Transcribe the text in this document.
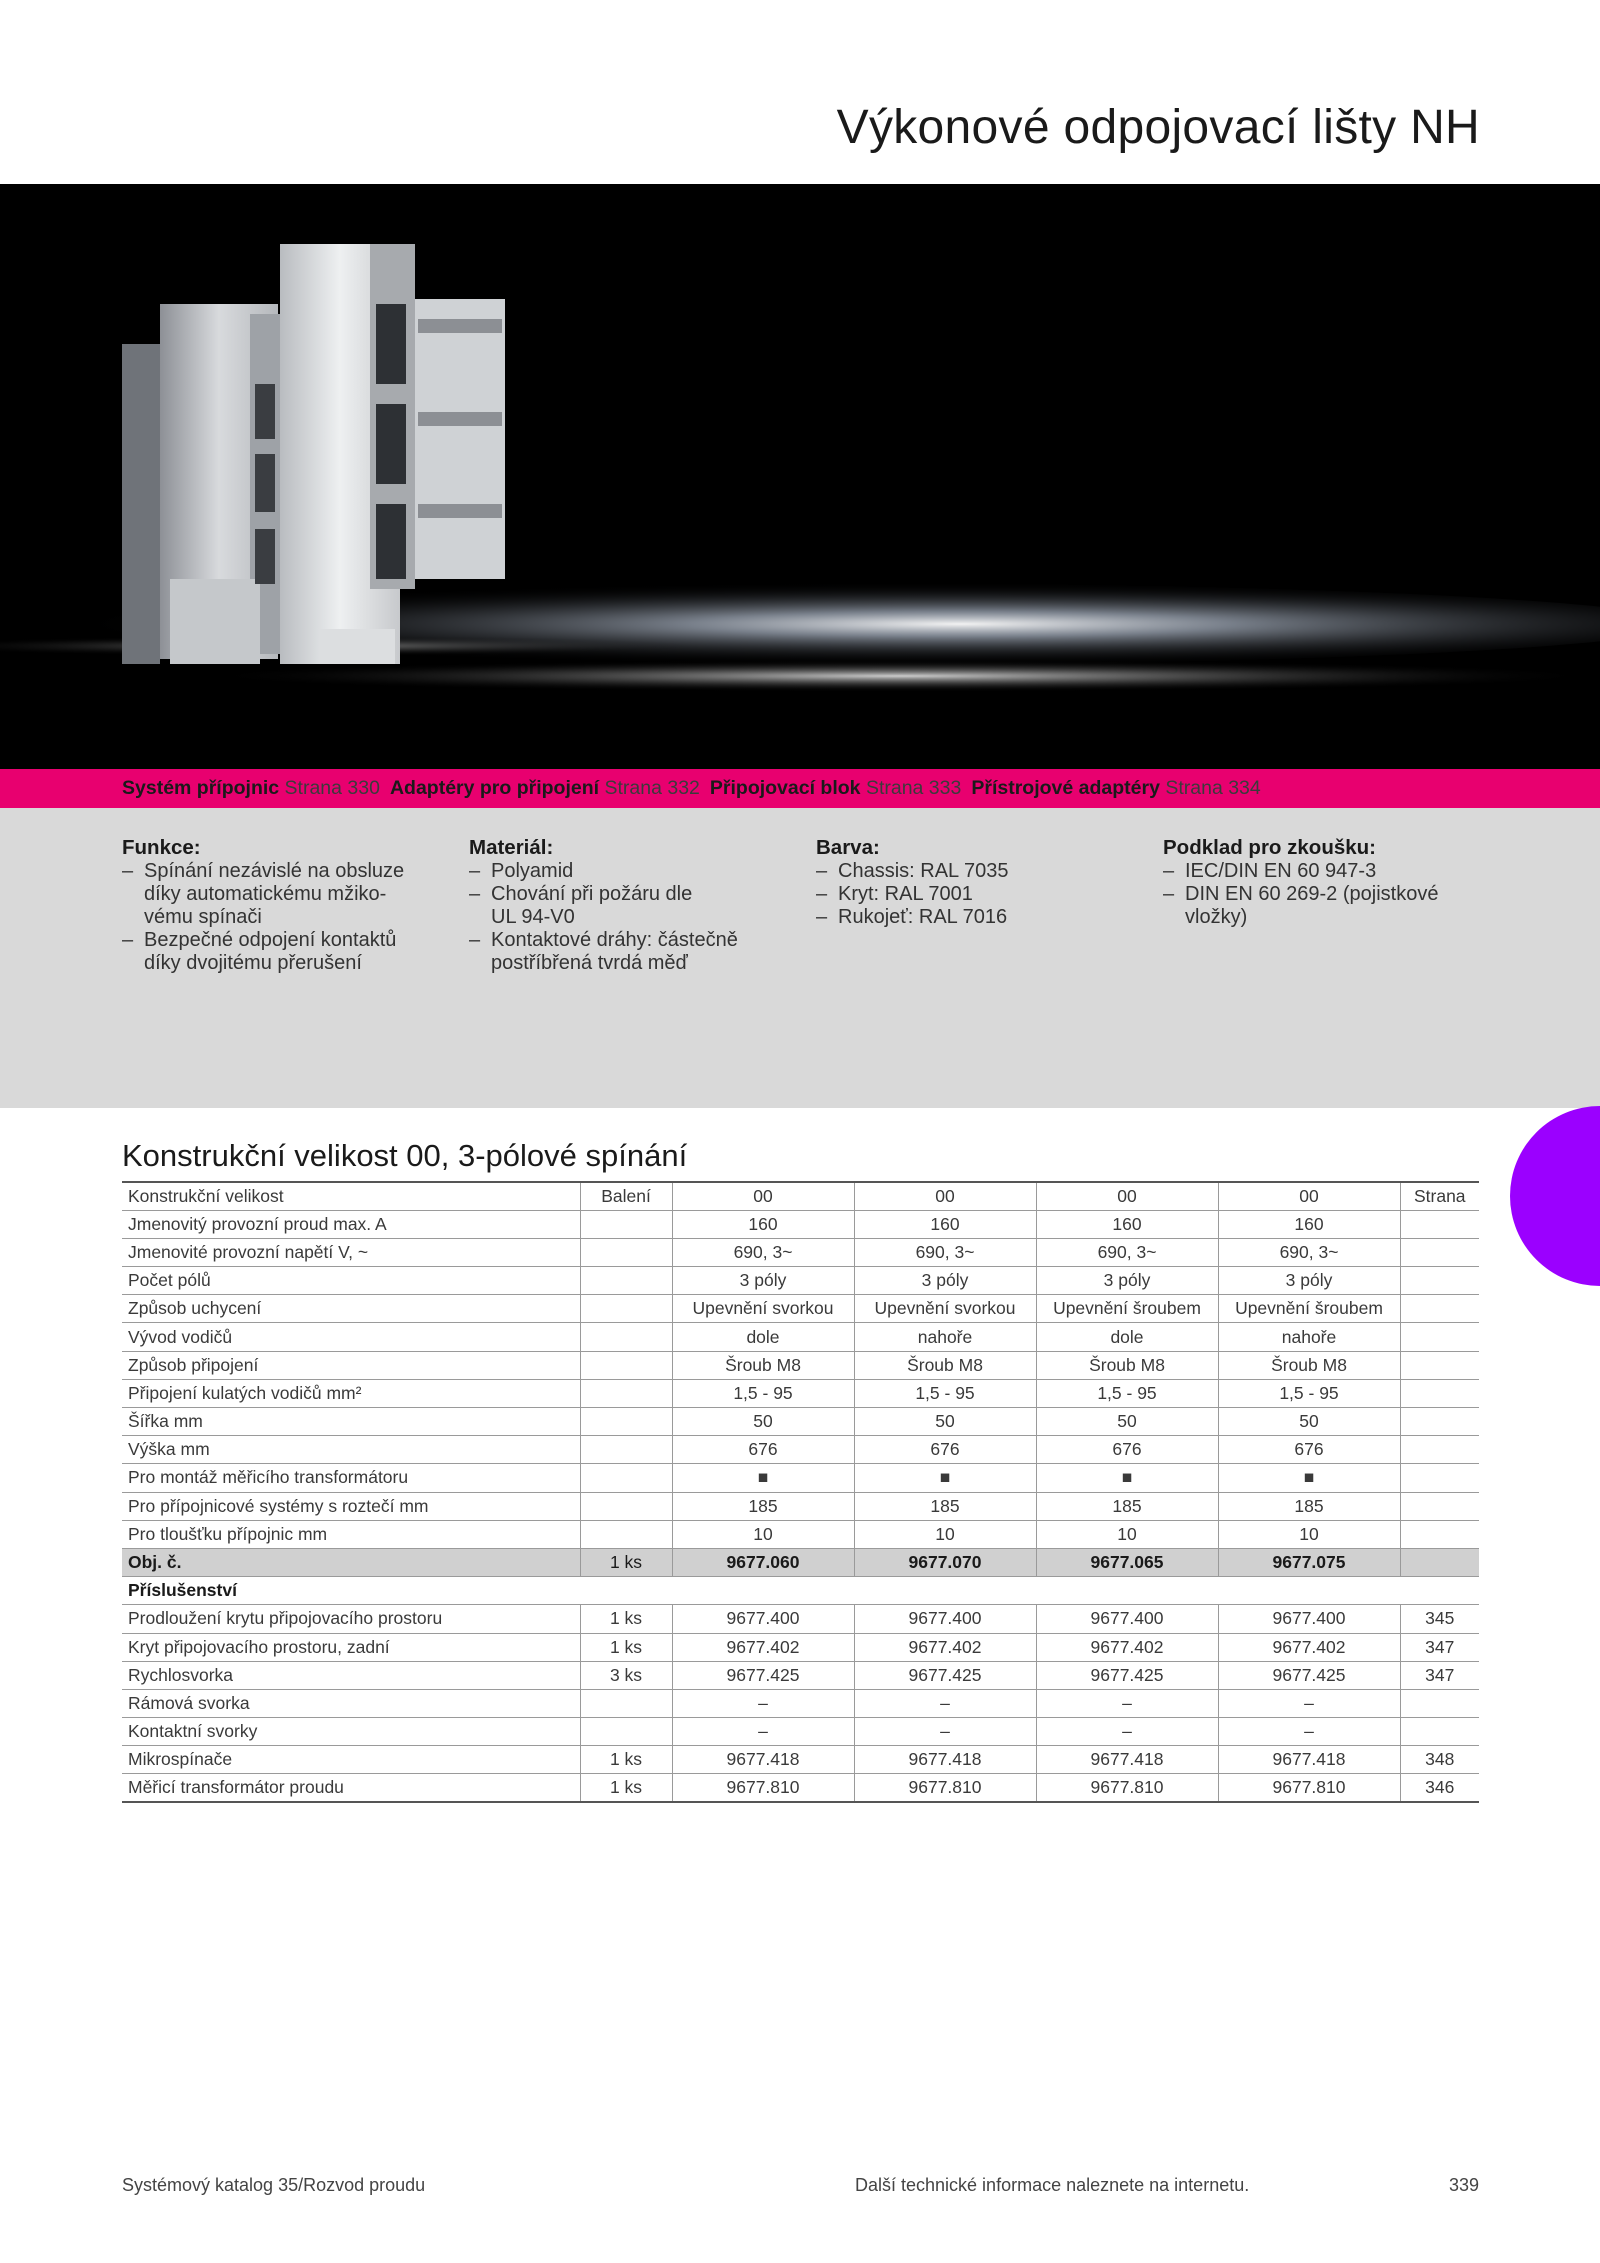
Výkonové odpojovací lišty NH
Systém přípojnic Strana 330 Adaptéry pro připojení Strana 332 Připojovací blok Strana 333 Přístrojové adaptéry Strana 334
Funkce:
– Spínání nezávislé na obsluze
díky automatickému mžiko-
vému spínači
– Bezpečné odpojení kontaktů
díky dvojitému přerušení
Materiál:
– Polyamid
– Chování při požáru dle
UL 94-V0
– Kontaktové dráhy: částečně
postříbřená tvrdá měď
Barva:
– Chassis: RAL 7035
– Kryt: RAL 7001
– Rukojeť: RAL 7016
Podklad pro zkoušku:
– IEC/DIN EN 60 947-3
– DIN EN 60 269-2 (pojistkové
vložky)
Konstrukční velikost 00, 3-pólové spínání
Konstrukční velikost	Balení	00	00	00	00	Strana
Jmenovitý provozní proud max. A		160	160	160	160	
Jmenovité provozní napětí V, ~		690, 3~	690, 3~	690, 3~	690, 3~	
Počet pólů		3 póly	3 póly	3 póly	3 póly	
Způsob uchycení		Upevnění svorkou	Upevnění svorkou	Upevnění šroubem	Upevnění šroubem	
Vývod vodičů		dole	nahoře	dole	nahoře	
Způsob připojení		Šroub M8	Šroub M8	Šroub M8	Šroub M8	
Připojení kulatých vodičů mm²		1,5 - 95	1,5 - 95	1,5 - 95	1,5 - 95	
Šířka mm		50	50	50	50	
Výška mm		676	676	676	676	
Pro montáž měřicího transformátoru		■	■	■	■	
Pro přípojnicové systémy s roztečí mm		185	185	185	185	
Pro tloušťku přípojnic mm		10	10	10	10	
Obj. č.	1 ks	9677.060	9677.070	9677.065	9677.075	
Příslušenství						
Prodloužení krytu připojovacího prostoru	1 ks	9677.400	9677.400	9677.400	9677.400	345
Kryt připojovacího prostoru, zadní	1 ks	9677.402	9677.402	9677.402	9677.402	347
Rychlosvorka	3 ks	9677.425	9677.425	9677.425	9677.425	347
Rámová svorka		–	–	–	–	
Kontaktní svorky		–	–	–	–	
Mikrospínače	1 ks	9677.418	9677.418	9677.418	9677.418	348
Měřicí transformátor proudu	1 ks	9677.810	9677.810	9677.810	9677.810	346
Systémový katalog 35/Rozvod proudu	Další technické informace naleznete na internetu.	339
